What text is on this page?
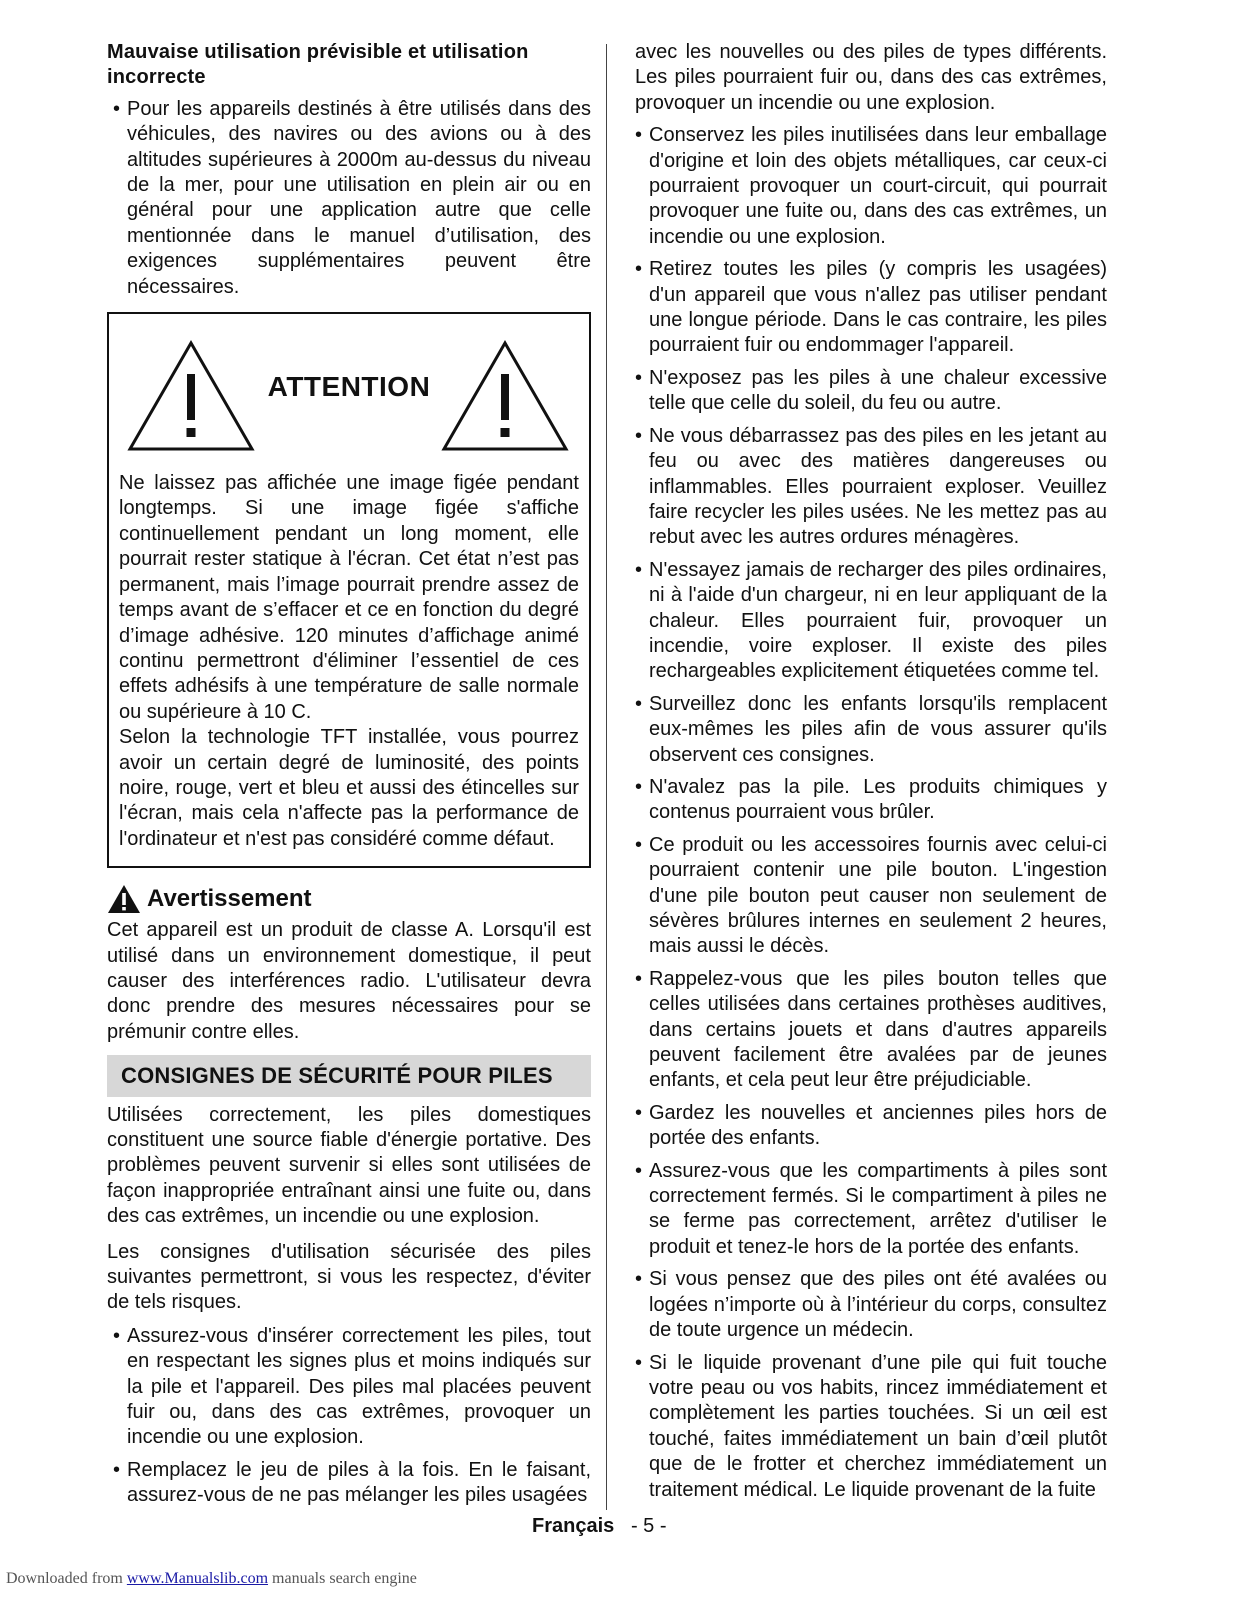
Mauvaise utilisation prévisible et utilisation incorrecte
• Pour les appareils destinés à être utilisés dans des véhicules, des navires ou des avions ou à des altitudes supérieures à 2000m au-dessus du niveau de la mer, pour une utilisation en plein air ou en général pour une application autre que celle mentionnée dans le manuel d’utilisation, des exigences supplémentaires peuvent être nécessaires.
ATTENTION

Ne laissez pas affichée une image figée pendant longtemps. Si une image figée s'affiche continuellement pendant un long moment, elle pourrait rester statique à l'écran. Cet état n’est pas permanent, mais l’image pourrait prendre assez de temps avant de s’effacer et ce en fonction du degré d’image adhésive. 120 minutes d’affichage animé continu permettront d'éliminer l’essentiel de ces effets adhésifs à une température de salle normale ou supérieure à 10 C.

Selon la technologie TFT installée, vous pourrez avoir un certain degré de luminosité, des points noire, rouge, vert et bleu et aussi des étincelles sur l'écran, mais cela n'affecte pas la performance de l'ordinateur et n'est pas considéré comme défaut.

Avertissement

Cet appareil est un produit de classe A. Lorsqu'il est utilisé dans un environnement domestique, il peut causer des interférences radio. L'utilisateur devra donc prendre des mesures nécessaires pour se prémunir contre elles.

CONSIGNES DE SÉCURITÉ POUR PILES

Utilisées correctement, les piles domestiques constituent une source fiable d'énergie portative. Des problèmes peuvent survenir si elles sont utilisées de façon inappropriée entraînant ainsi une fuite ou, dans des cas extrêmes, un incendie ou une explosion.

Les consignes d'utilisation sécurisée des piles suivantes permettront, si vous les respectez, d'éviter de tels risques.

• Assurez-vous d'insérer correctement les piles, tout en respectant les signes plus et moins indiqués sur la pile et l'appareil. Des piles mal placées peuvent fuir ou, dans des cas extrêmes, provoquer un incendie ou une explosion.
• Remplacez le jeu de piles à la fois. En le faisant, assurez-vous de ne pas mélanger les piles usagées

avec les nouvelles ou des piles de types différents. Les piles pourraient fuir ou, dans des cas extrêmes, provoquer un incendie ou une explosion.

• Conservez les piles inutilisées dans leur emballage d'origine et loin des objets métalliques, car ceux-ci pourraient provoquer un court-circuit, qui pourrait provoquer une fuite ou, dans des cas extrêmes, un incendie ou une explosion.
• Retirez toutes les piles (y compris les usagées) d'un appareil que vous n'allez pas utiliser pendant une longue période. Dans le cas contraire, les piles pourraient fuir ou endommager l'appareil.
• N'exposez pas les piles à une chaleur excessive telle que celle du soleil, du feu ou autre.
• Ne vous débarrassez pas des piles en les jetant au feu ou avec des matières dangereuses ou inflammables. Elles pourraient exploser. Veuillez faire recycler les piles usées. Ne les mettez pas au rebut avec les autres ordures ménagères.
• N'essayez jamais de recharger des piles ordinaires, ni à l'aide d'un chargeur, ni en leur appliquant de la chaleur. Elles pourraient fuir, provoquer un incendie, voire exploser. Il existe des piles rechargeables explicitement étiquetées comme tel.
• Surveillez donc les enfants lorsqu'ils remplacent eux-mêmes les piles afin de vous assurer qu'ils observent ces consignes.
• N'avalez pas la pile. Les produits chimiques y contenus pourraient vous brûler.
• Ce produit ou les accessoires fournis avec celui-ci pourraient contenir une pile bouton. L'ingestion d'une pile bouton peut causer non seulement de sévères brûlures internes en seulement 2 heures, mais aussi le décès.
• Rappelez-vous que les piles bouton telles que celles utilisées dans certaines prothèses auditives, dans certains jouets et dans d'autres appareils peuvent facilement être avalées par de jeunes enfants, et cela peut leur être préjudiciable.
• Gardez les nouvelles et anciennes piles hors de portée des enfants.
• Assurez-vous que les compartiments à piles sont correctement fermés. Si le compartiment à piles ne se ferme pas correctement, arrêtez d'utiliser le produit et tenez-le hors de la portée des enfants.
• Si vous pensez que des piles ont été avalées ou logées n’importe où à l’intérieur du corps, consultez de toute urgence un médecin.
• Si le liquide provenant d’une pile qui fuit touche votre peau ou vos habits, rincez immédiatement et complètement les parties touchées. Si un œil est touché, faites immédiatement un bain d’œil plutôt que de le frotter et cherchez immédiatement un traitement médical. Le liquide provenant de la fuite
Français - 5 -
Downloaded from www.Manualslib.com manuals search engine
